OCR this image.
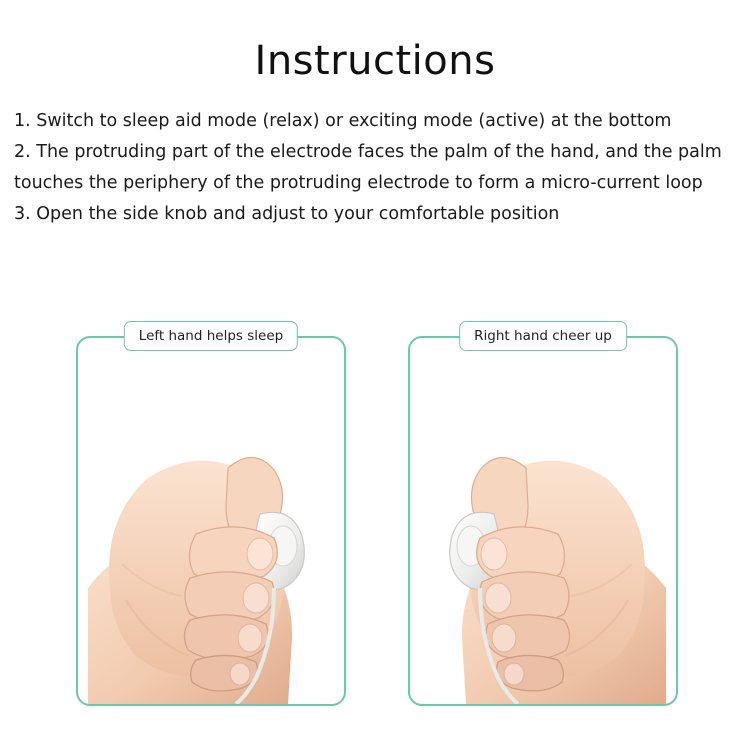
Instructions
1. Switch to sleep aid mode (relax) or exciting mode (active) at the bottom
2. The protruding part of the electrode faces the palm of the hand, and the palm touches the periphery of the protruding electrode to form a micro-current loop
3. Open the side knob and adjust to your comfortable position
Left hand helps sleep	Right hand cheer up
